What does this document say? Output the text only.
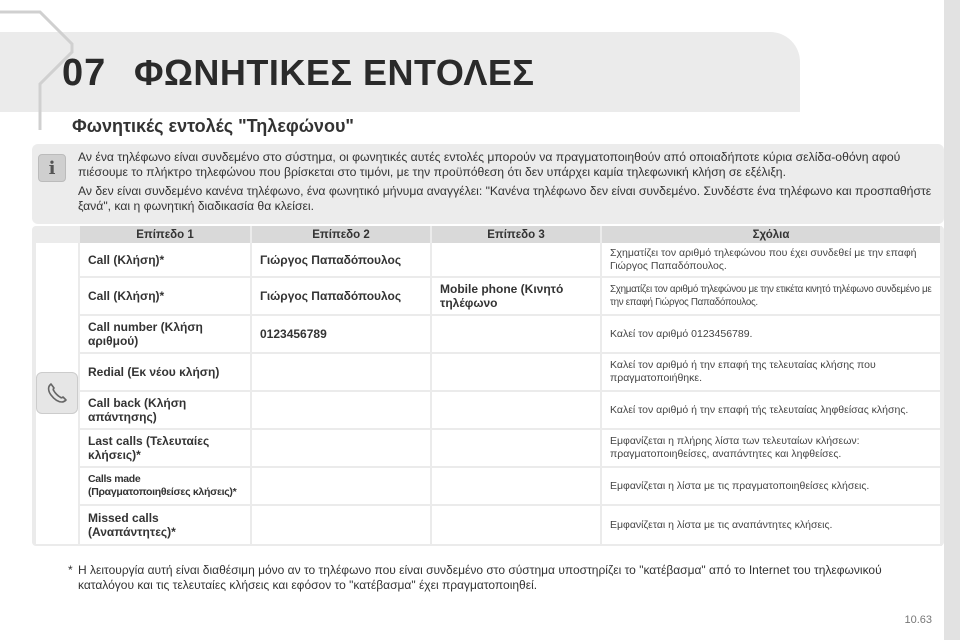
07 ΦΩΝΗΤΙΚΕΣ ΕΝΤΟΛΕΣ
Φωνητικές εντολές "Τηλεφώνου"
i

Αν ένα τηλέφωνο είναι συνδεμένο στο σύστημα, οι φωνητικές αυτές εντολές μπορούν να πραγματοποιηθούν από οποιαδήποτε κύρια σελίδα-οθόνη αφού πιέσουμε το πλήκτρο τηλεφώνου που βρίσκεται στο τιμόνι, με την προϋπόθεση ότι δεν υπάρχει καμία τηλεφωνική κλήση σε εξέλιξη.

Αν δεν είναι συνδεμένο κανένα τηλέφωνο, ένα φωνητικό μήνυμα αναγγέλει: "Κανένα τηλέφωνο δεν είναι συνδεμένο. Συνδέστε ένα τηλέφωνο και προσπαθήστε ξανά", και η φωνητική διαδικασία θα κλείσει.

	Επίπεδο 1	Επίπεδο 2	Επίπεδο 3	Σχόλια
	Call (Κλήση)*	Γιώργος Παπαδόπουλος		Σχηματίζει τον αριθμό τηλεφώνου που έχει συνδεθεί με την επαφή Γιώργος Παπαδόπουλος.
	Call (Κλήση)*	Γιώργος Παπαδόπουλος	Mobile phone (Κινητό τηλέφωνο	Σχηματίζει τον αριθμό τηλεφώνου με την ετικέτα κινητό τηλέφωνο συνδεμένο με την επαφή Γιώργος Παπαδόπουλος.
	Call number (Κλήση αριθμού)	0123456789		Καλεί τον αριθμό 0123456789.
	Redial (Εκ νέου κλήση)			Καλεί τον αριθμό ή την επαφή της τελευταίας κλήσης που πραγματοποιήθηκε.
	Call back (Κλήση απάντησης)			Καλεί τον αριθμό ή την επαφή τής τελευταίας ληφθείσας κλήσης.
	Last calls (Τελευταίες κλήσεις)*			Εμφανίζεται η πλήρης λίστα των τελευταίων κλήσεων: πραγματοποιηθείσες, αναπάντητες και ληφθείσες.
	Calls made (Πραγματοποιηθείσες κλήσεις)*			Εμφανίζεται η λίστα με τις πραγματοποιηθείσες κλήσεις.
	Missed calls (Αναπάντητες)*			Εμφανίζεται η λίστα με τις αναπάντητες κλήσεις.
* Η λειτουργία αυτή είναι διαθέσιμη μόνο αν το τηλέφωνο που είναι συνδεμένο στο σύστημα υποστηρίζει το "κατέβασμα" από το Internet του τηλεφωνικού καταλόγου και τις τελευταίες κλήσεις και εφόσον το "κατέβασμα" έχει πραγματοποιηθεί.
10.63
